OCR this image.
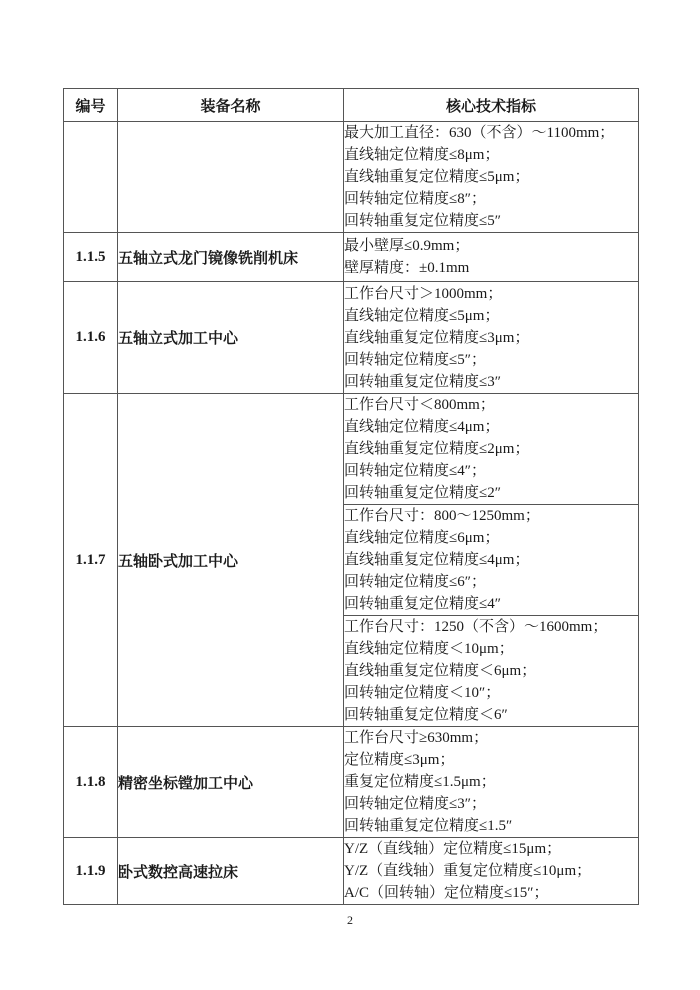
编号	装备名称	核心技术指标

		最大加工直径：630（不含）～1100mm；
直线轴定位精度≤8μm；
直线轴重复定位精度≤5μm；
回转轴定位精度≤8″；
回转轴重复定位精度≤5″

1.1.5	五轴立式龙门镜像铣削机床	最小壁厚≤0.9mm；
壁厚精度：±0.1mm

1.1.6	五轴立式加工中心	工作台尺寸＞1000mm；
直线轴定位精度≤5μm；
直线轴重复定位精度≤3μm；
回转轴定位精度≤5″；
回转轴重复定位精度≤3″

1.1.7	五轴卧式加工中心	工作台尺寸＜800mm；
直线轴定位精度≤4μm；
直线轴重复定位精度≤2μm；
回转轴定位精度≤4″；
回转轴重复定位精度≤2″

		工作台尺寸：800～1250mm；
直线轴定位精度≤6μm；
直线轴重复定位精度≤4μm；
回转轴定位精度≤6″；
回转轴重复定位精度≤4″

		工作台尺寸：1250（不含）～1600mm；
直线轴定位精度＜10μm；
直线轴重复定位精度＜6μm；
回转轴定位精度＜10″；
回转轴重复定位精度＜6″

1.1.8	精密坐标镗加工中心	工作台尺寸≥630mm；
定位精度≤3μm；
重复定位精度≤1.5μm；
回转轴定位精度≤3″；
回转轴重复定位精度≤1.5″

1.1.9	卧式数控高速拉床	Y/Z（直线轴）定位精度≤15μm；
Y/Z（直线轴）重复定位精度≤10μm；
A/C（回转轴）定位精度≤15″；
2
